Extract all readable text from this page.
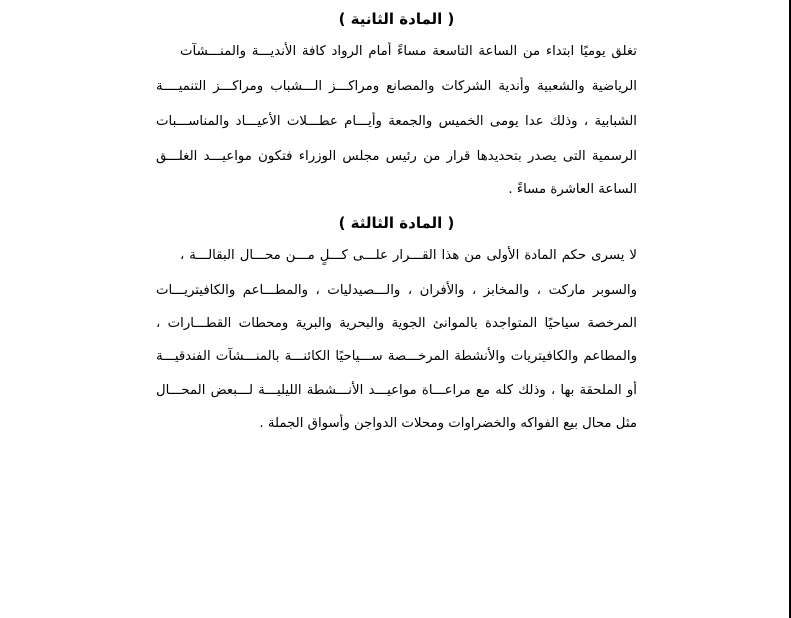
( المادة الثانية )
تغلق يوميًا ابتداء من الساعة التاسعة مساءً أمام الرواد كافة الأنديـــة والمنـــشآت
الرياضية والشعبية وأندية الشركات والمصانع ومراكـــز الـــشباب ومراكـــز التنميــــة
الشبابية ، وذلك عدا يومى الخميس والجمعة وأيـــام عطـــلات الأعيـــاد والمناســـبات
الرسمية التى يصدر بتحديدها قرار من رئيس مجلس الوزراء فتكون مواعيـــد الغلـــق
الساعة العاشرة مساءً .
( المادة الثالثة )
لا يسرى حكم المادة الأولى من هذا القـــرار علـــى كـــلٍ مـــن محـــال البقالـــة ،
والسوبر ماركت ، والمخابز ، والأفران ، والـــصيدليات ، والمطـــاعم والكافيتريـــات
المرخصة سياحيًا المتواجدة بالموانئ الجوية والبحرية والبرية ومحطات القطـــارات ،
والمطاعم والكافيتريات والأنشطة المرخـــصة ســـياحيًا الكائنـــة بالمنـــشآت الفندقيـــة
أو الملحقة بها ، وذلك كله مع مراعـــاة مواعيـــد الأنـــشطة الليليـــة لـــبعض المحـــال
مثل محال بيع الفواكه والخضراوات ومحلات الدواجن وأسواق الجملة .
